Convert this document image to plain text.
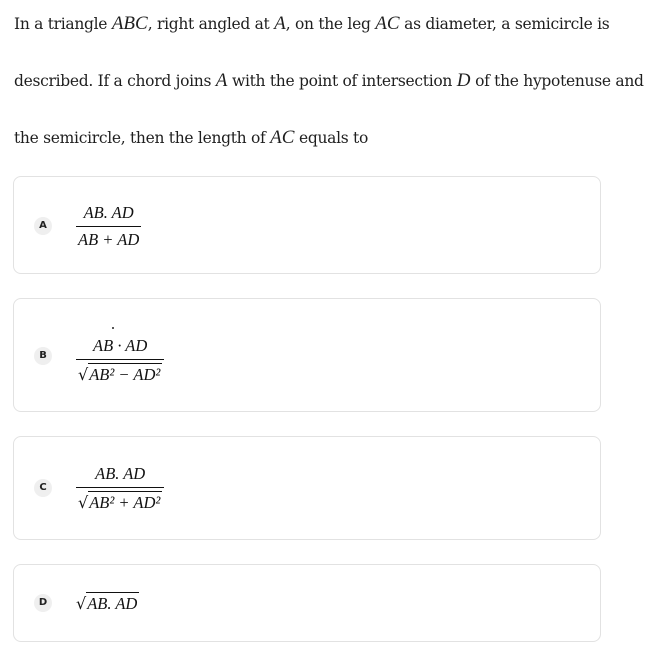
In a triangle ABC, right angled at A, on the leg AC as diameter, a semicircle is
described. If a chord joins A with the point of intersection D of the hypotenuse and
the semicircle, then the length of AC equals to
A	$\frac{AB. AD}{AB + AD}$
B	$\frac{AB \cdot AD}{\text{√AB² − AD²}}$
C	$\frac{AB. AD}{\text{√AB² + AD²}}$
D	√AB. AD
